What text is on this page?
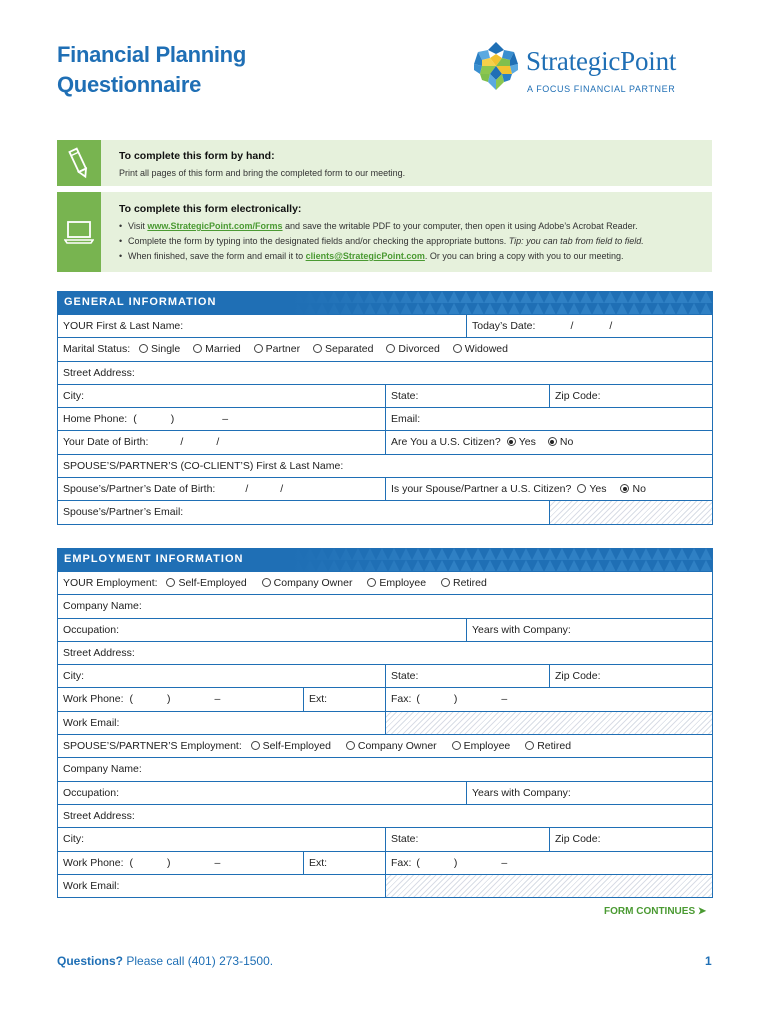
Financial Planning
Questionnaire
StrategicPoint
A FOCUS FINANCIAL PARTNER
To complete this form by hand:
Print all pages of this form and bring the completed form to our meeting.
To complete this form electronically:
• Visit www.StrategicPoint.com/Forms and save the writable PDF to your computer, then open it using Adobe’s Acrobat Reader.
• Complete the form by typing into the designated fields and/or checking the appropriate buttons. Tip: you can tab from field to field.
• When finished, save the form and email it to clients@StrategicPoint.com. Or you can bring a copy with you to our meeting.
GENERAL INFORMATION
YOUR First & Last Name:	Today’s Date:	/	/
Marital Status: Single Married Partner Separated Divorced Widowed
Street Address:
City:	State:	Zip Code:
Home Phone: (	)	–	Email:
Your Date of Birth:	/	/	Are You a U.S. Citizen? Yes No
SPOUSE’S/PARTNER’S (CO-CLIENT’S) First & Last Name:
Spouse’s/Partner’s Date of Birth:	/	/	Is your Spouse/Partner a U.S. Citizen? Yes No
Spouse’s/Partner’s Email:
EMPLOYMENT INFORMATION
YOUR Employment: Self-Employed	Company Owner	Employee	Retired
Company Name:
Occupation:	Years with Company:
Street Address:
City:	State:	Zip Code:
Work Phone: (	)	–	Ext:	Fax: (	)	–
Work Email:
SPOUSE’S/PARTNER’S Employment: Self-Employed	Company Owner	Employee	Retired
Company Name:
Occupation:	Years with Company:
Street Address:
City:	State:	Zip Code:
Work Phone: (	)	–	Ext:	Fax: (	)	–
Work Email:
FORM CONTINUES ➤
Questions? Please call (401) 273-1500.	1
